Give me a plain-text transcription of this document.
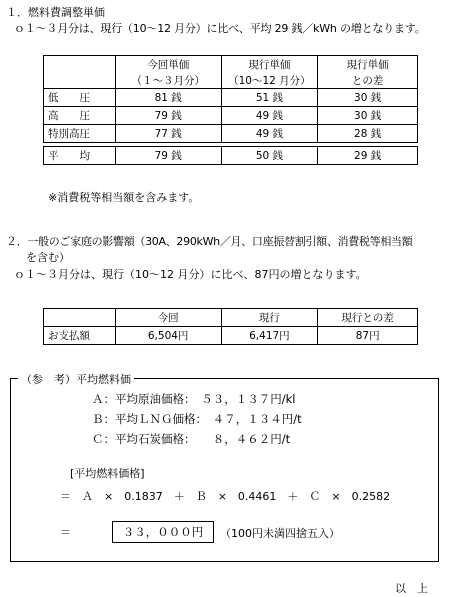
１．燃料費調整単価
ｏ１～３月分は、現行（10～12 月分）に比べ、平均 29 銭／kWh の増となります。
	今回単価	現行単価	現行単価
	（１～３月分）	（10～12 月分）	との差
低　　圧	81 銭	51 銭	30 銭
高　　圧	79 銭	49 銭	30 銭
特別高圧	77 銭	49 銭	28 銭

平　　均	79 銭	50 銭	29 銭
※消費税等相当額を含みます。
２．一般のご家庭の影響額（30A、290kWh／月、口座振替割引額、消費税等相当額
を含む）
ｏ１～３月分は、現行（10～12 月分）に比べ、87円の増となります。
	今回	現行	現行との差
お支払額	6,504円	6,417円	87円
（参　考）平均燃料価
Ａ：平均原油価格：　５３，１３７円/kl
Ｂ：平均ＬＮＧ価格：　４７，１３４円/t
Ｃ：平均石炭価格：　　８，４６２円/t
[平均燃料価格]
＝　Ａ　×　0.1837　＋　Ｂ　×　0.4461　＋　Ｃ　×　0.2582
＝	３３，０００円	（100円未満四捨五入）
以　上
